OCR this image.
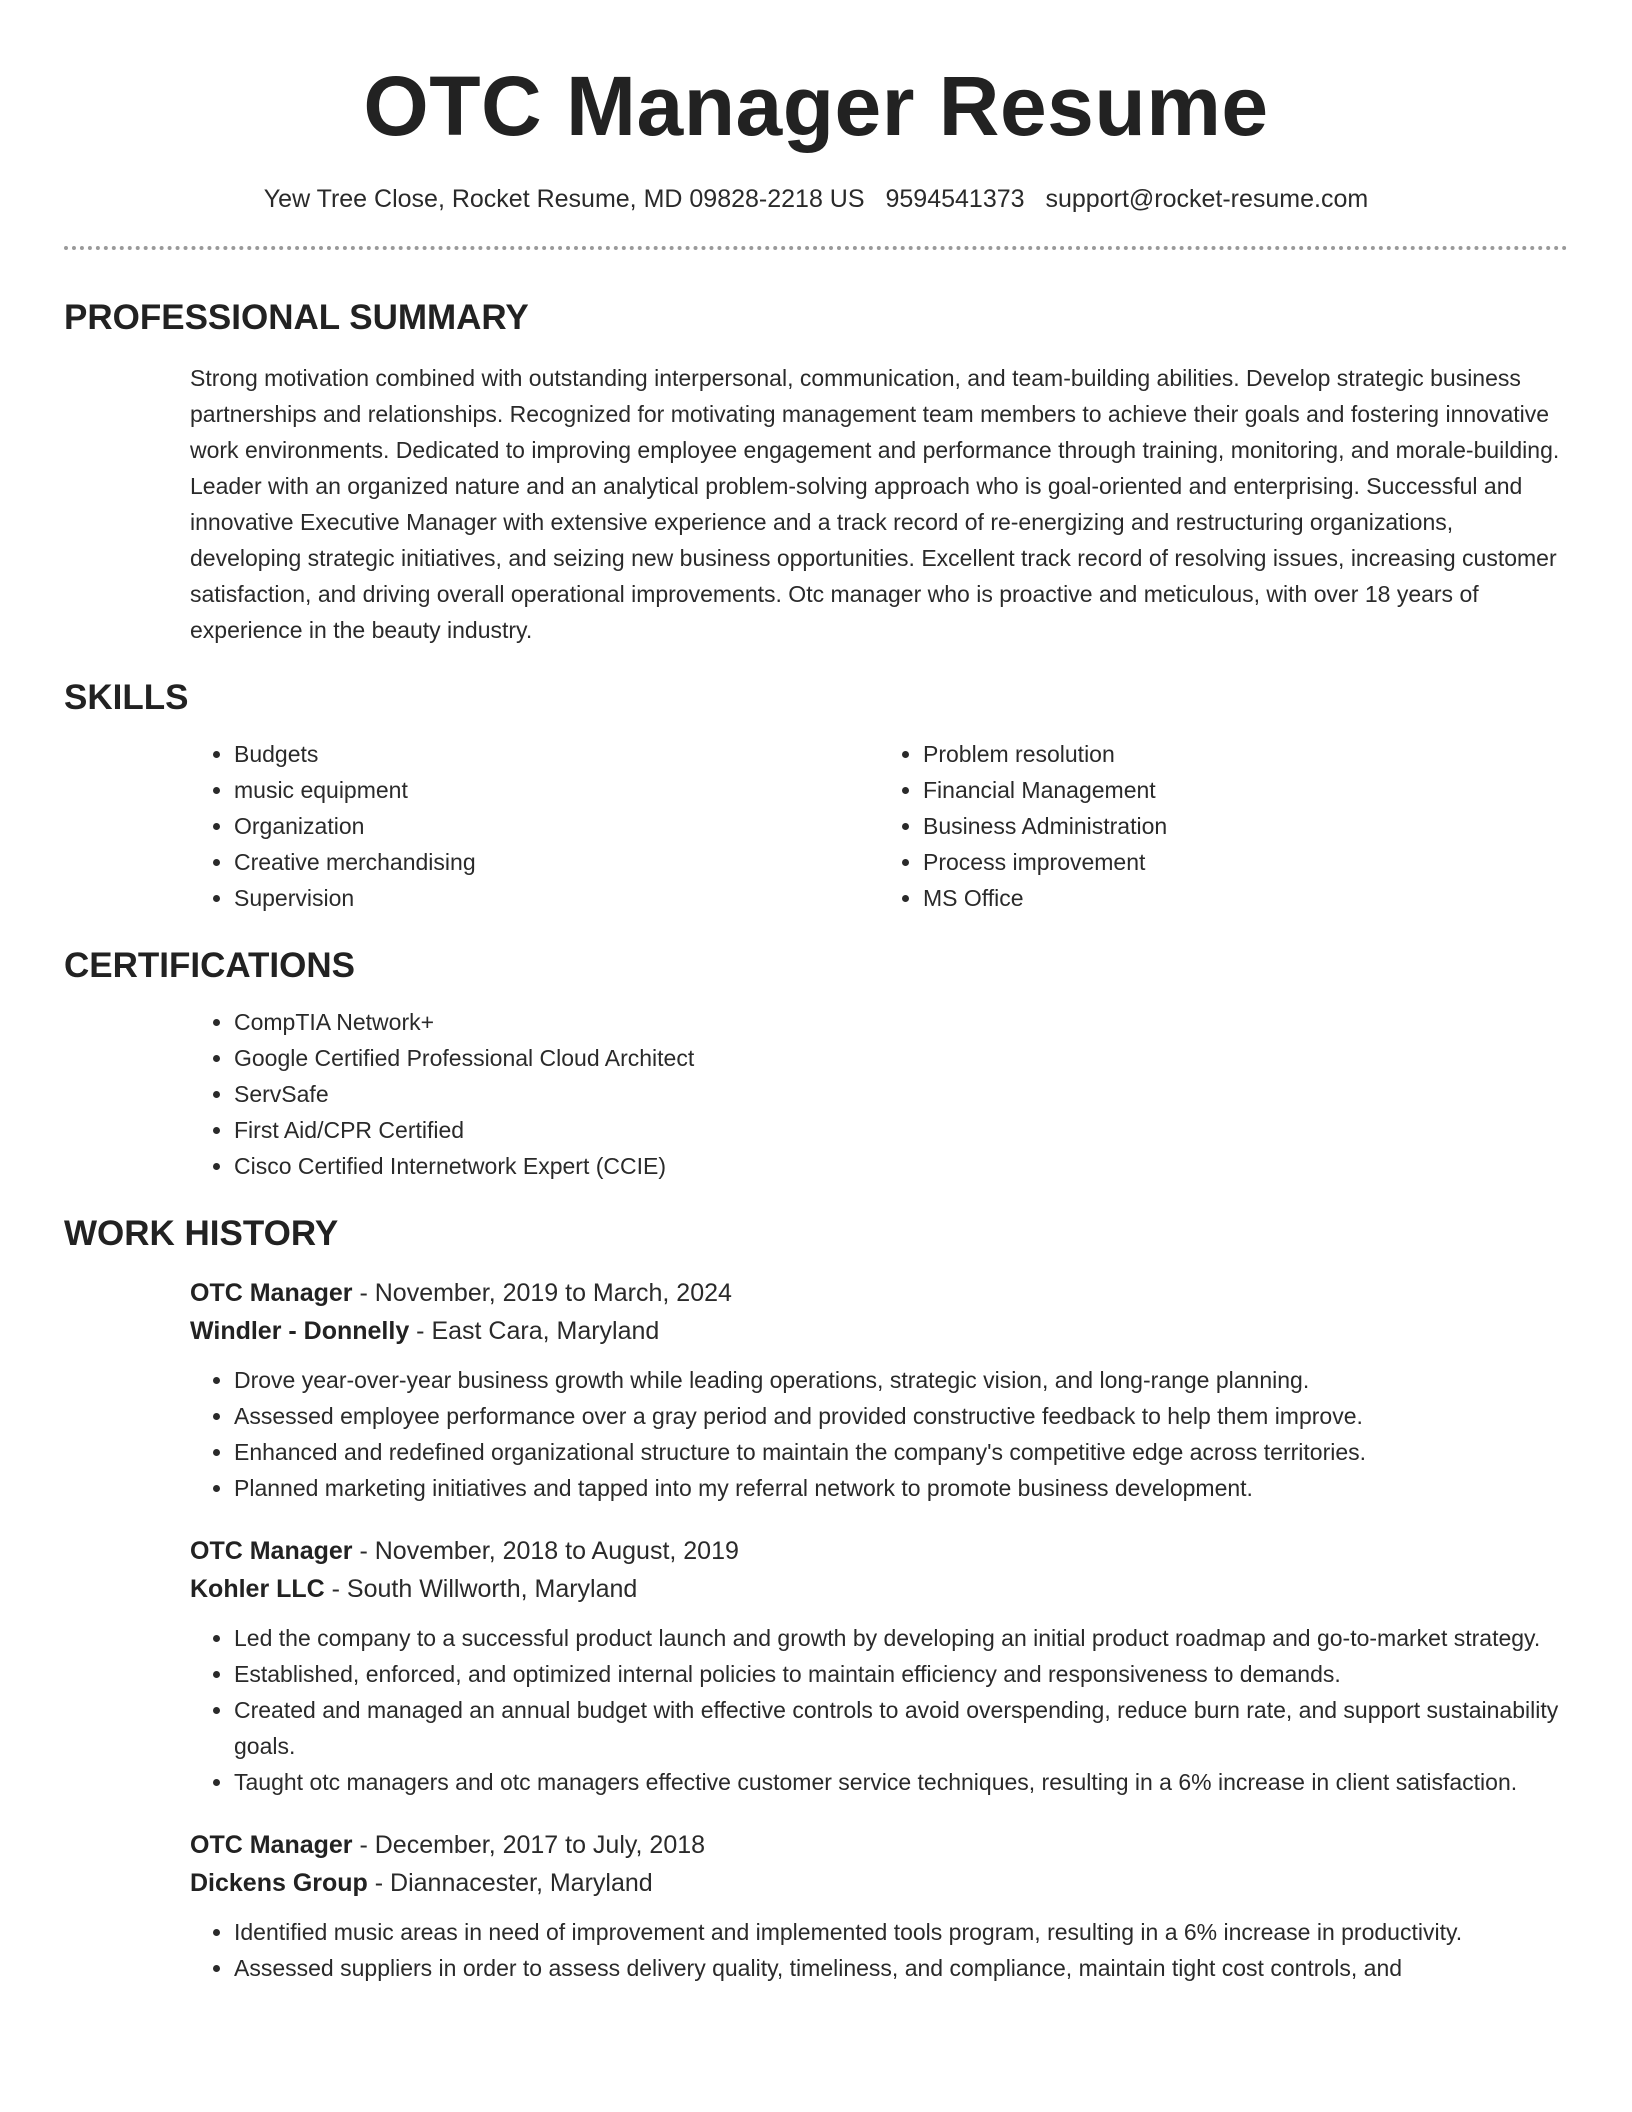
OTC Manager Resume
Yew Tree Close, Rocket Resume, MD 09828-2218 US 9594541373 support@rocket-resume.com
PROFESSIONAL SUMMARY
Strong motivation combined with outstanding interpersonal, communication, and team-building abilities. Develop strategic business partnerships and relationships. Recognized for motivating management team members to achieve their goals and fostering innovative work environments. Dedicated to improving employee engagement and performance through training, monitoring, and morale-building. Leader with an organized nature and an analytical problem-solving approach who is goal-oriented and enterprising. Successful and innovative Executive Manager with extensive experience and a track record of re-energizing and restructuring organizations, developing strategic initiatives, and seizing new business opportunities. Excellent track record of resolving issues, increasing customer satisfaction, and driving overall operational improvements. Otc manager who is proactive and meticulous, with over 18 years of experience in the beauty industry.
SKILLS
• Budgets
• music equipment
• Organization
• Creative merchandising
• Supervision
• Problem resolution
• Financial Management
• Business Administration
• Process improvement
• MS Office
CERTIFICATIONS
• CompTIA Network+
• Google Certified Professional Cloud Architect
• ServSafe
• First Aid/CPR Certified
• Cisco Certified Internetwork Expert (CCIE)
WORK HISTORY
OTC Manager - November, 2019 to March, 2024
Windler - Donnelly - East Cara, Maryland
• Drove year-over-year business growth while leading operations, strategic vision, and long-range planning.
• Assessed employee performance over a gray period and provided constructive feedback to help them improve.
• Enhanced and redefined organizational structure to maintain the company's competitive edge across territories.
• Planned marketing initiatives and tapped into my referral network to promote business development.
OTC Manager - November, 2018 to August, 2019
Kohler LLC - South Willworth, Maryland
• Led the company to a successful product launch and growth by developing an initial product roadmap and go-to-market strategy.
• Established, enforced, and optimized internal policies to maintain efficiency and responsiveness to demands.
• Created and managed an annual budget with effective controls to avoid overspending, reduce burn rate, and support sustainability goals.
• Taught otc managers and otc managers effective customer service techniques, resulting in a 6% increase in client satisfaction.
OTC Manager - December, 2017 to July, 2018
Dickens Group - Diannacester, Maryland
• Identified music areas in need of improvement and implemented tools program, resulting in a 6% increase in productivity.
• Assessed suppliers in order to assess delivery quality, timeliness, and compliance, maintain tight cost controls, and
